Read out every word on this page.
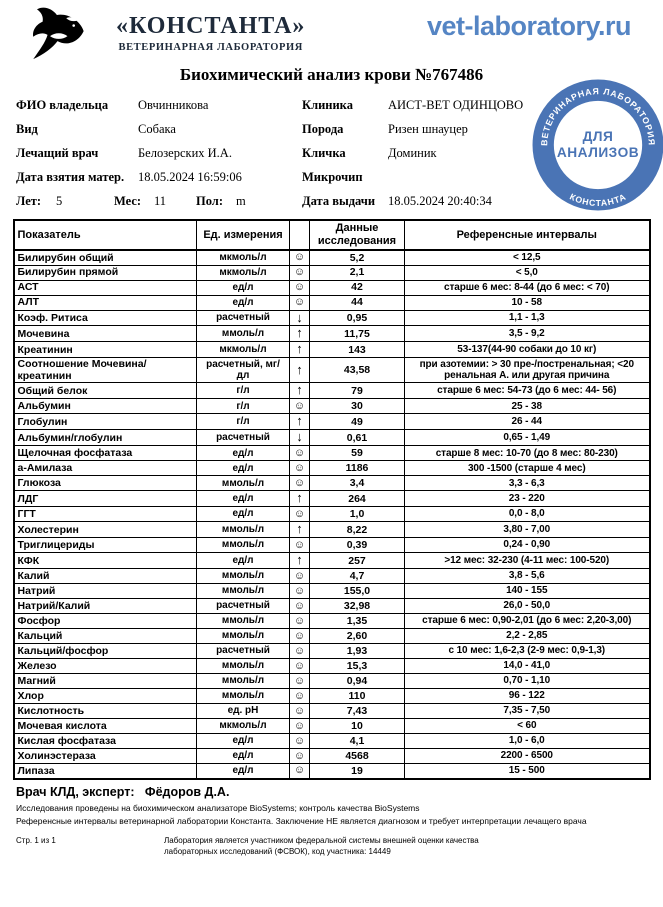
«КОНСТАНТА»
ВЕТЕРИНАРНАЯ ЛАБОРАТОРИЯ
vet-laboratory.ru
Биохимический анализ крови №767486
ВЕТЕРИНАРНАЯ ЛАБОРАТОРИЯ
КОНСТАНТА
ДЛЯ
АНАЛИЗОВ
ФИО владельца	Овчинникова	Клиника	АИСТ-ВЕТ ОДИНЦОВО
Вид	Собака	Порода	Ризен шнауцер
Лечащий врач	Белозерских И.А.	Кличка	Доминик
Дата взятия матер.	18.05.2024 16:59:06	Микрочип
Лет:	5	Мес:	11	Пол:	m	Дата выдачи	18.05.2024 20:40:34
Показатель	Ед. измерения		Данные исследования	Референсные интервалы
Билирубин общий	мкмоль/л	☺	5,2	< 12,5
Билирубин прямой	мкмоль/л	☺	2,1	< 5,0
АСТ	ед/л	☺	42	старше 6 мес: 8-44 (до 6 мес: < 70)
АЛТ	ед/л	☺	44	10 - 58
Коэф. Ритиса	расчетный	↓	0,95	1,1 - 1,3
Мочевина	ммоль/л	↑	11,75	3,5 - 9,2
Креатинин	мкмоль/л	↑	143	53-137(44-90 собаки до 10 кг)
Соотношение Мочевина/креатинин	расчетный, мг/дл	↑	43,58	при азотемии: > 30 пре-/постренальная; <20 ренальная А. или другая причина
Общий белок	г/л	↑	79	старше 6 мес: 54-73 (до 6 мес: 44- 56)
Альбумин	г/л	☺	30	25 - 38
Глобулин	г/л	↑	49	26 - 44
Альбумин/глобулин	расчетный	↓	0,61	0,65 - 1,49
Щелочная фосфатаза	ед/л	☺	59	старше 8 мес: 10-70 (до 8 мес: 80-230)
а-Амилаза	ед/л	☺	1186	300 -1500 (старше 4 мес)
Глюкоза	ммоль/л	☺	3,4	3,3 - 6,3
ЛДГ	ед/л	↑	264	23 - 220
ГГТ	ед/л	☺	1,0	0,0 - 8,0
Холестерин	ммоль/л	↑	8,22	3,80 - 7,00
Триглицериды	ммоль/л	☺	0,39	0,24 - 0,90
КФК	ед/л	↑	257	>12 мес: 32-230 (4-11 мес: 100-520)
Калий	ммоль/л	☺	4,7	3,8 - 5,6
Натрий	ммоль/л	☺	155,0	140 - 155
Натрий/Калий	расчетный	☺	32,98	26,0 - 50,0
Фосфор	ммоль/л	☺	1,35	старше 6 мес: 0,90-2,01 (до 6 мес: 2,20-3,00)
Кальций	ммоль/л	☺	2,60	2,2 - 2,85
Кальций/фосфор	расчетный	☺	1,93	с 10 мес: 1,6-2,3 (2-9 мес: 0,9-1,3)
Железо	ммоль/л	☺	15,3	14,0 - 41,0
Магний	ммоль/л	☺	0,94	0,70 - 1,10
Хлор	ммоль/л	☺	110	96 - 122
Кислотность	ед. pH	☺	7,43	7,35 - 7,50
Мочевая кислота	мкмоль/л	☺	10	< 60
Кислая фосфатаза	ед/л	☺	4,1	1,0 - 6,0
Холинэстераза	ед/л	☺	4568	2200 - 6500
Липаза	ед/л	☺	19	15 - 500
Врач КЛД, эксперт: Фёдоров Д.А.
Исследования проведены на биохимическом анализаторе BioSystems; контроль качества BioSystems
Референсные интервалы ветеринарной лаборатории Константа. Заключение НЕ является диагнозом и требует интерпретации лечащего врача
Стр. 1 из 1	Лаборатория является участником федеральной системы внешней оценки качества
лабораторных исследований (ФСВОК), код участника: 14449
